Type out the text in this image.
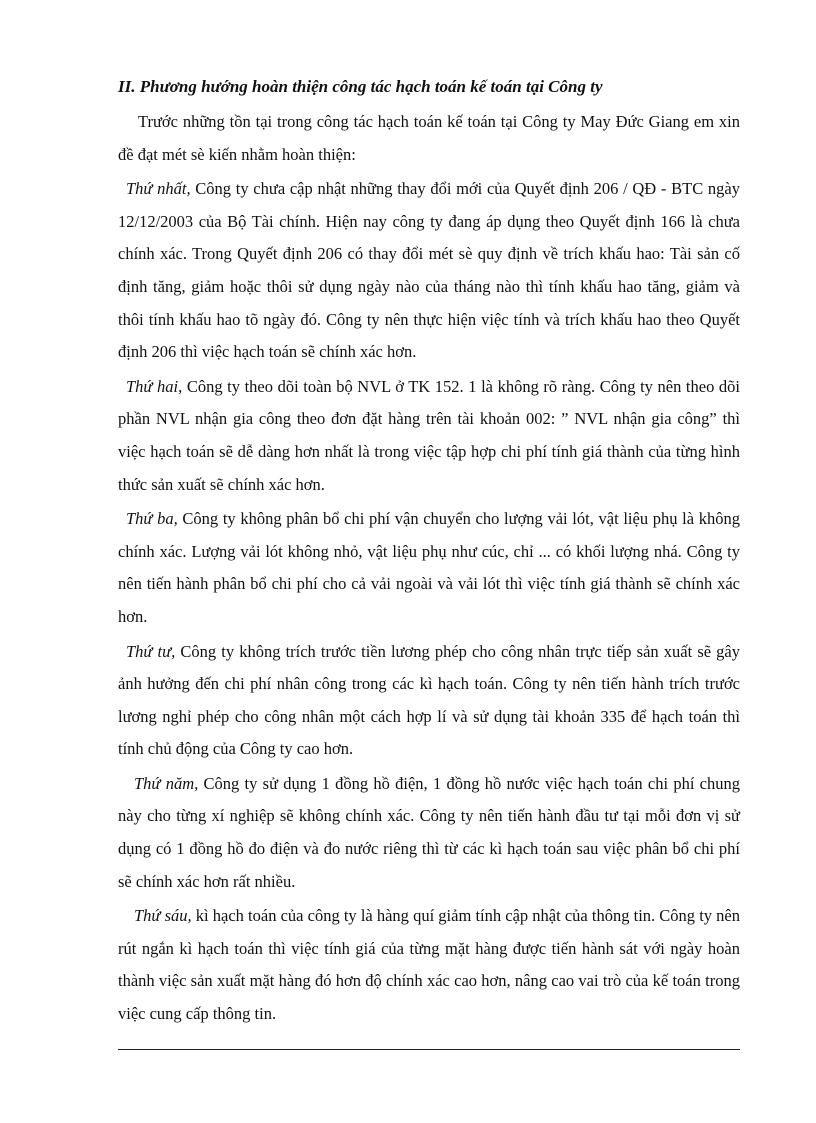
II. Phương hướng hoàn thiện công tác hạch toán kế toán tại Công ty

Trước những tồn tại trong công tác hạch toán kế toán tại Công ty May Đức Giang em xin đề đạt mét sè kiến nhằm hoàn thiện:

Thứ nhất, Công ty chưa cập nhật những thay đổi mới của Quyết định 206 / QĐ - BTC ngày 12/12/2003 của Bộ Tài chính. Hiện nay công ty đang áp dụng theo Quyết định 166 là chưa chính xác. Trong Quyết định 206 có thay đổi mét sè quy định về trích khấu hao: Tài sản cố định tăng, giảm hoặc thôi sử dụng ngày nào của tháng nào thì tính khấu hao tăng, giảm và thôi tính khấu hao tõ ngày đó. Công ty nên thực hiện việc tính và trích khấu hao theo Quyết định 206 thì việc hạch toán sẽ chính xác hơn.

Thứ hai, Công ty theo dõi toàn bộ NVL ở TK 152. 1 là không rõ ràng. Công ty nên theo dõi phần NVL nhận gia công theo đơn đặt hàng trên tài khoản 002: ” NVL nhận gia công” thì việc hạch toán sẽ dễ dàng hơn nhất là trong việc tập hợp chi phí tính giá thành của từng hình thức sản xuất sẽ chính xác hơn.

Thứ ba, Công ty không phân bổ chi phí vận chuyển cho lượng vải lót, vật liệu phụ là không chính xác. Lượng vải lót không nhỏ, vật liệu phụ như cúc, chỉ ... có khối lượng nhá. Công ty nên tiến hành phân bổ chi phí cho cả vải ngoài và vải lót thì việc tính giá thành sẽ chính xác hơn.

Thứ tư, Công ty không trích trước tiền lương phép cho công nhân trực tiếp sản xuất sẽ gây ảnh hưởng đến chi phí nhân công trong các kì hạch toán. Công ty nên tiến hành trích trước lương nghỉ phép cho công nhân một cách hợp lí và sử dụng tài khoản 335 để hạch toán thì tính chủ động của Công ty cao hơn.

Thứ năm, Công ty sử dụng 1 đồng hồ điện, 1 đồng hồ nước việc hạch toán chi phí chung này cho từng xí nghiệp sẽ không chính xác. Công ty nên tiến hành đầu tư tại mỗi đơn vị sử dụng có 1 đồng hồ đo điện và đo nước riêng thì từ các kì hạch toán sau việc phân bổ chi phí sẽ chính xác hơn rất nhiều.

Thứ sáu, kì hạch toán của công ty là hàng quí giảm tính cập nhật của thông tin. Công ty nên rút ngắn kì hạch toán thì việc tính giá của từng mặt hàng được tiến hành sát với ngày hoàn thành việc sản xuất mặt hàng đó hơn độ chính xác cao hơn, nâng cao vai trò của kế toán trong việc cung cấp thông tin.
